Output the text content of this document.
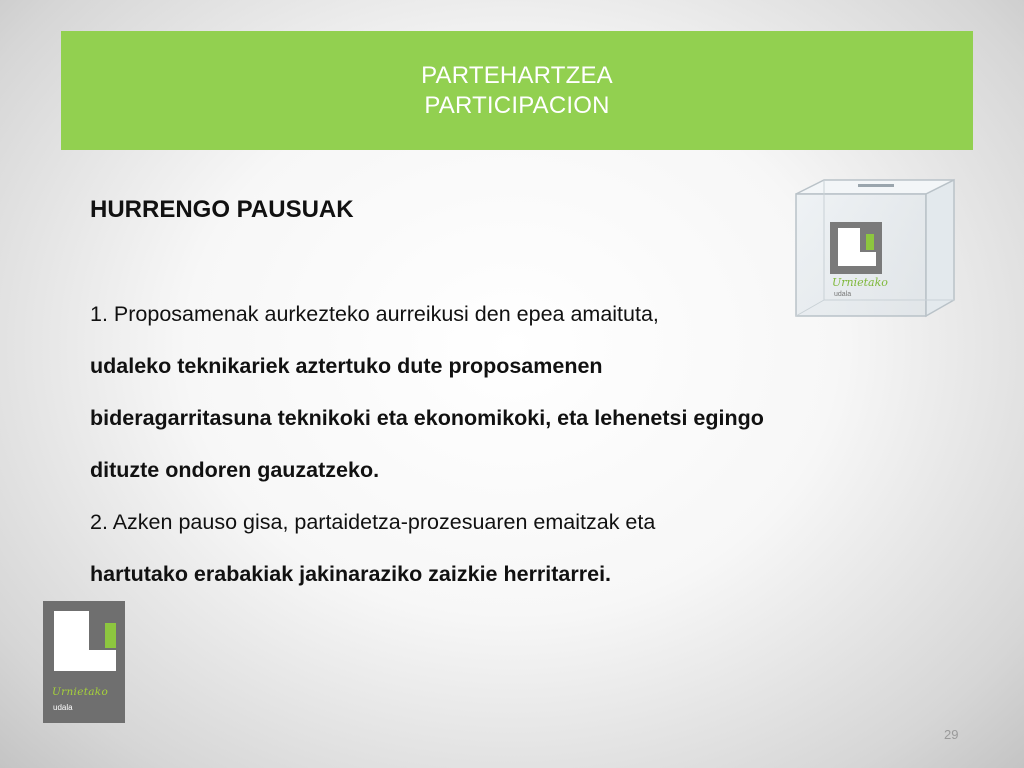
PARTEHARTZEA
PARTICIPACION
HURRENGO PAUSUAK

1. Proposamenak aurkezteko aurreikusi den epea amaituta,

udaleko teknikariek aztertuko dute proposamenen

bideragarritasuna teknikoki eta ekonomikoki, eta lehenetsi egingo

dituzte ondoren gauzatzeko.

2. Azken pauso gisa, partaidetza-prozesuaren emaitzak eta

hartutako erabakiak jakinaraziko zaizkie herritarrei.

Urnietako
udala
Urnietako
udala
29
